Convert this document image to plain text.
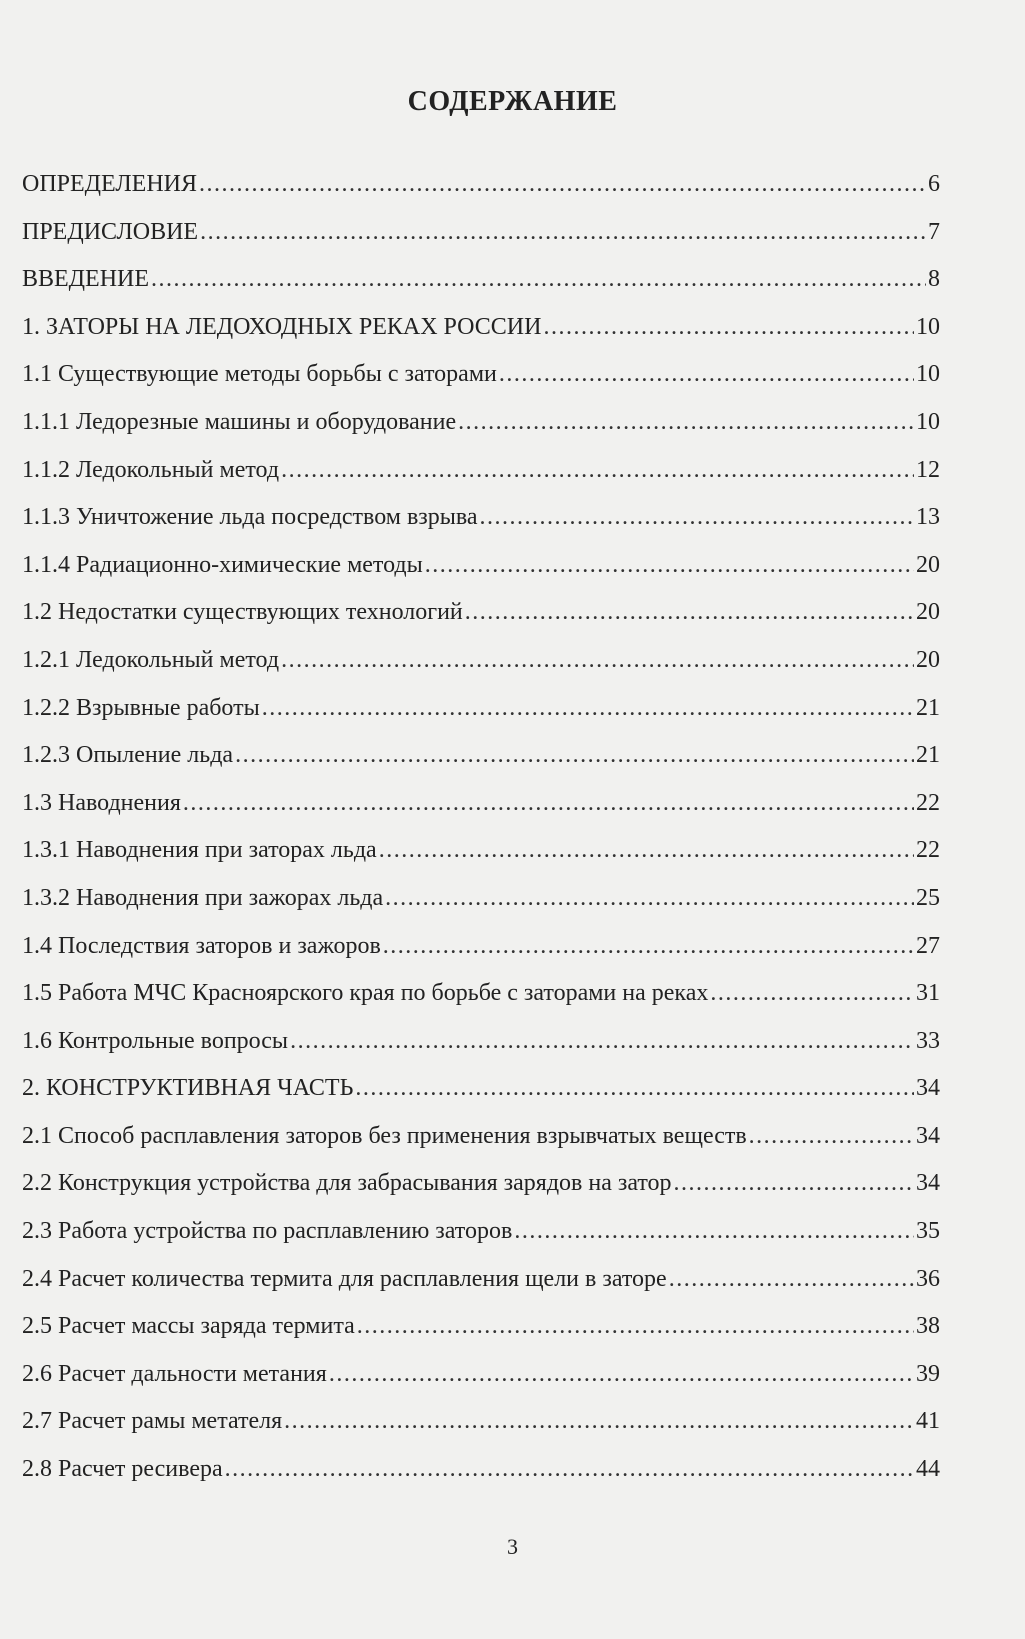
СОДЕРЖАНИЕ
ОПРЕДЕЛЕНИЯ .....	6
ПРЕДИСЛОВИЕ .....	7
ВВЕДЕНИЕ .....	8
1. ЗАТОРЫ НА ЛЕДОХОДНЫХ РЕКАХ РОССИИ .....	10
1.1 Существующие методы борьбы с заторами .....	10
1.1.1 Ледорезные машины и оборудование .....	10
1.1.2 Ледокольный метод .....	12
1.1.3 Уничтожение льда посредством взрыва .....	13
1.1.4 Радиационно-химические методы .....	20
1.2 Недостатки существующих технологий .....	20
1.2.1 Ледокольный метод .....	20
1.2.2 Взрывные работы .....	21
1.2.3 Опыление льда .....	21
1.3 Наводнения .....	22
1.3.1 Наводнения при заторах льда .....	22
1.3.2 Наводнения при зажорах льда .....	25
1.4 Последствия заторов и зажоров .....	27
1.5 Работа МЧС Красноярского края по борьбе с заторами на реках .....	31
1.6 Контрольные вопросы .....	33
2. КОНСТРУКТИВНАЯ ЧАСТЬ .....	34
2.1 Способ расплавления заторов без применения взрывчатых веществ .....	34
2.2 Конструкция устройства для забрасывания зарядов на затор .....	34
2.3 Работа устройства по расплавлению заторов .....	35
2.4 Расчет количества термита для расплавления щели в заторе .....	36
2.5 Расчет массы заряда термита .....	38
2.6 Расчет дальности метания .....	39
2.7 Расчет рамы метателя .....	41
2.8 Расчет ресивера .....	44
3
